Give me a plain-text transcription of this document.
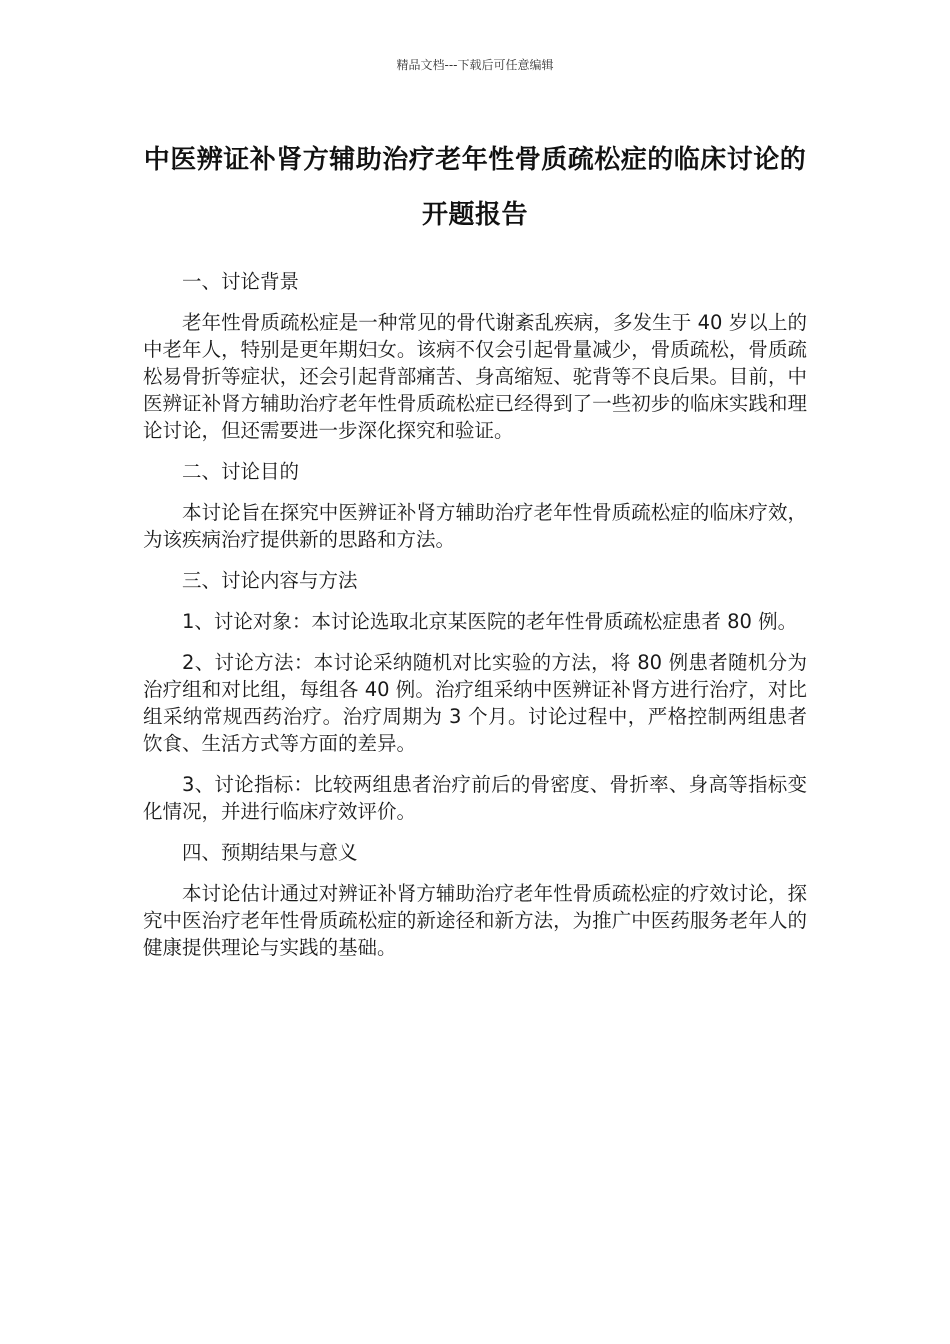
精品文档---下载后可任意编辑
中医辨证补肾方辅助治疗老年性骨质疏松症的临床讨论的开题报告

一、讨论背景

老年性骨质疏松症是一种常见的骨代谢紊乱疾病，多发生于 40 岁以上的中老年人，特别是更年期妇女。该病不仅会引起骨量减少，骨质疏松，骨质疏松易骨折等症状，还会引起背部痛苦、身高缩短、驼背等不良后果。目前，中医辨证补肾方辅助治疗老年性骨质疏松症已经得到了一些初步的临床实践和理论讨论，但还需要进一步深化探究和验证。

二、讨论目的

本讨论旨在探究中医辨证补肾方辅助治疗老年性骨质疏松症的临床疗效，为该疾病治疗提供新的思路和方法。

三、讨论内容与方法

1、讨论对象：本讨论选取北京某医院的老年性骨质疏松症患者 80 例。

2、讨论方法：本讨论采纳随机对比实验的方法，将 80 例患者随机分为治疗组和对比组，每组各 40 例。治疗组采纳中医辨证补肾方进行治疗，对比组采纳常规西药治疗。治疗周期为 3 个月。讨论过程中，严格控制两组患者饮食、生活方式等方面的差异。

3、讨论指标：比较两组患者治疗前后的骨密度、骨折率、身高等指标变化情况，并进行临床疗效评价。

四、预期结果与意义

本讨论估计通过对辨证补肾方辅助治疗老年性骨质疏松症的疗效讨论，探究中医治疗老年性骨质疏松症的新途径和新方法，为推广中医药服务老年人的健康提供理论与实践的基础。
